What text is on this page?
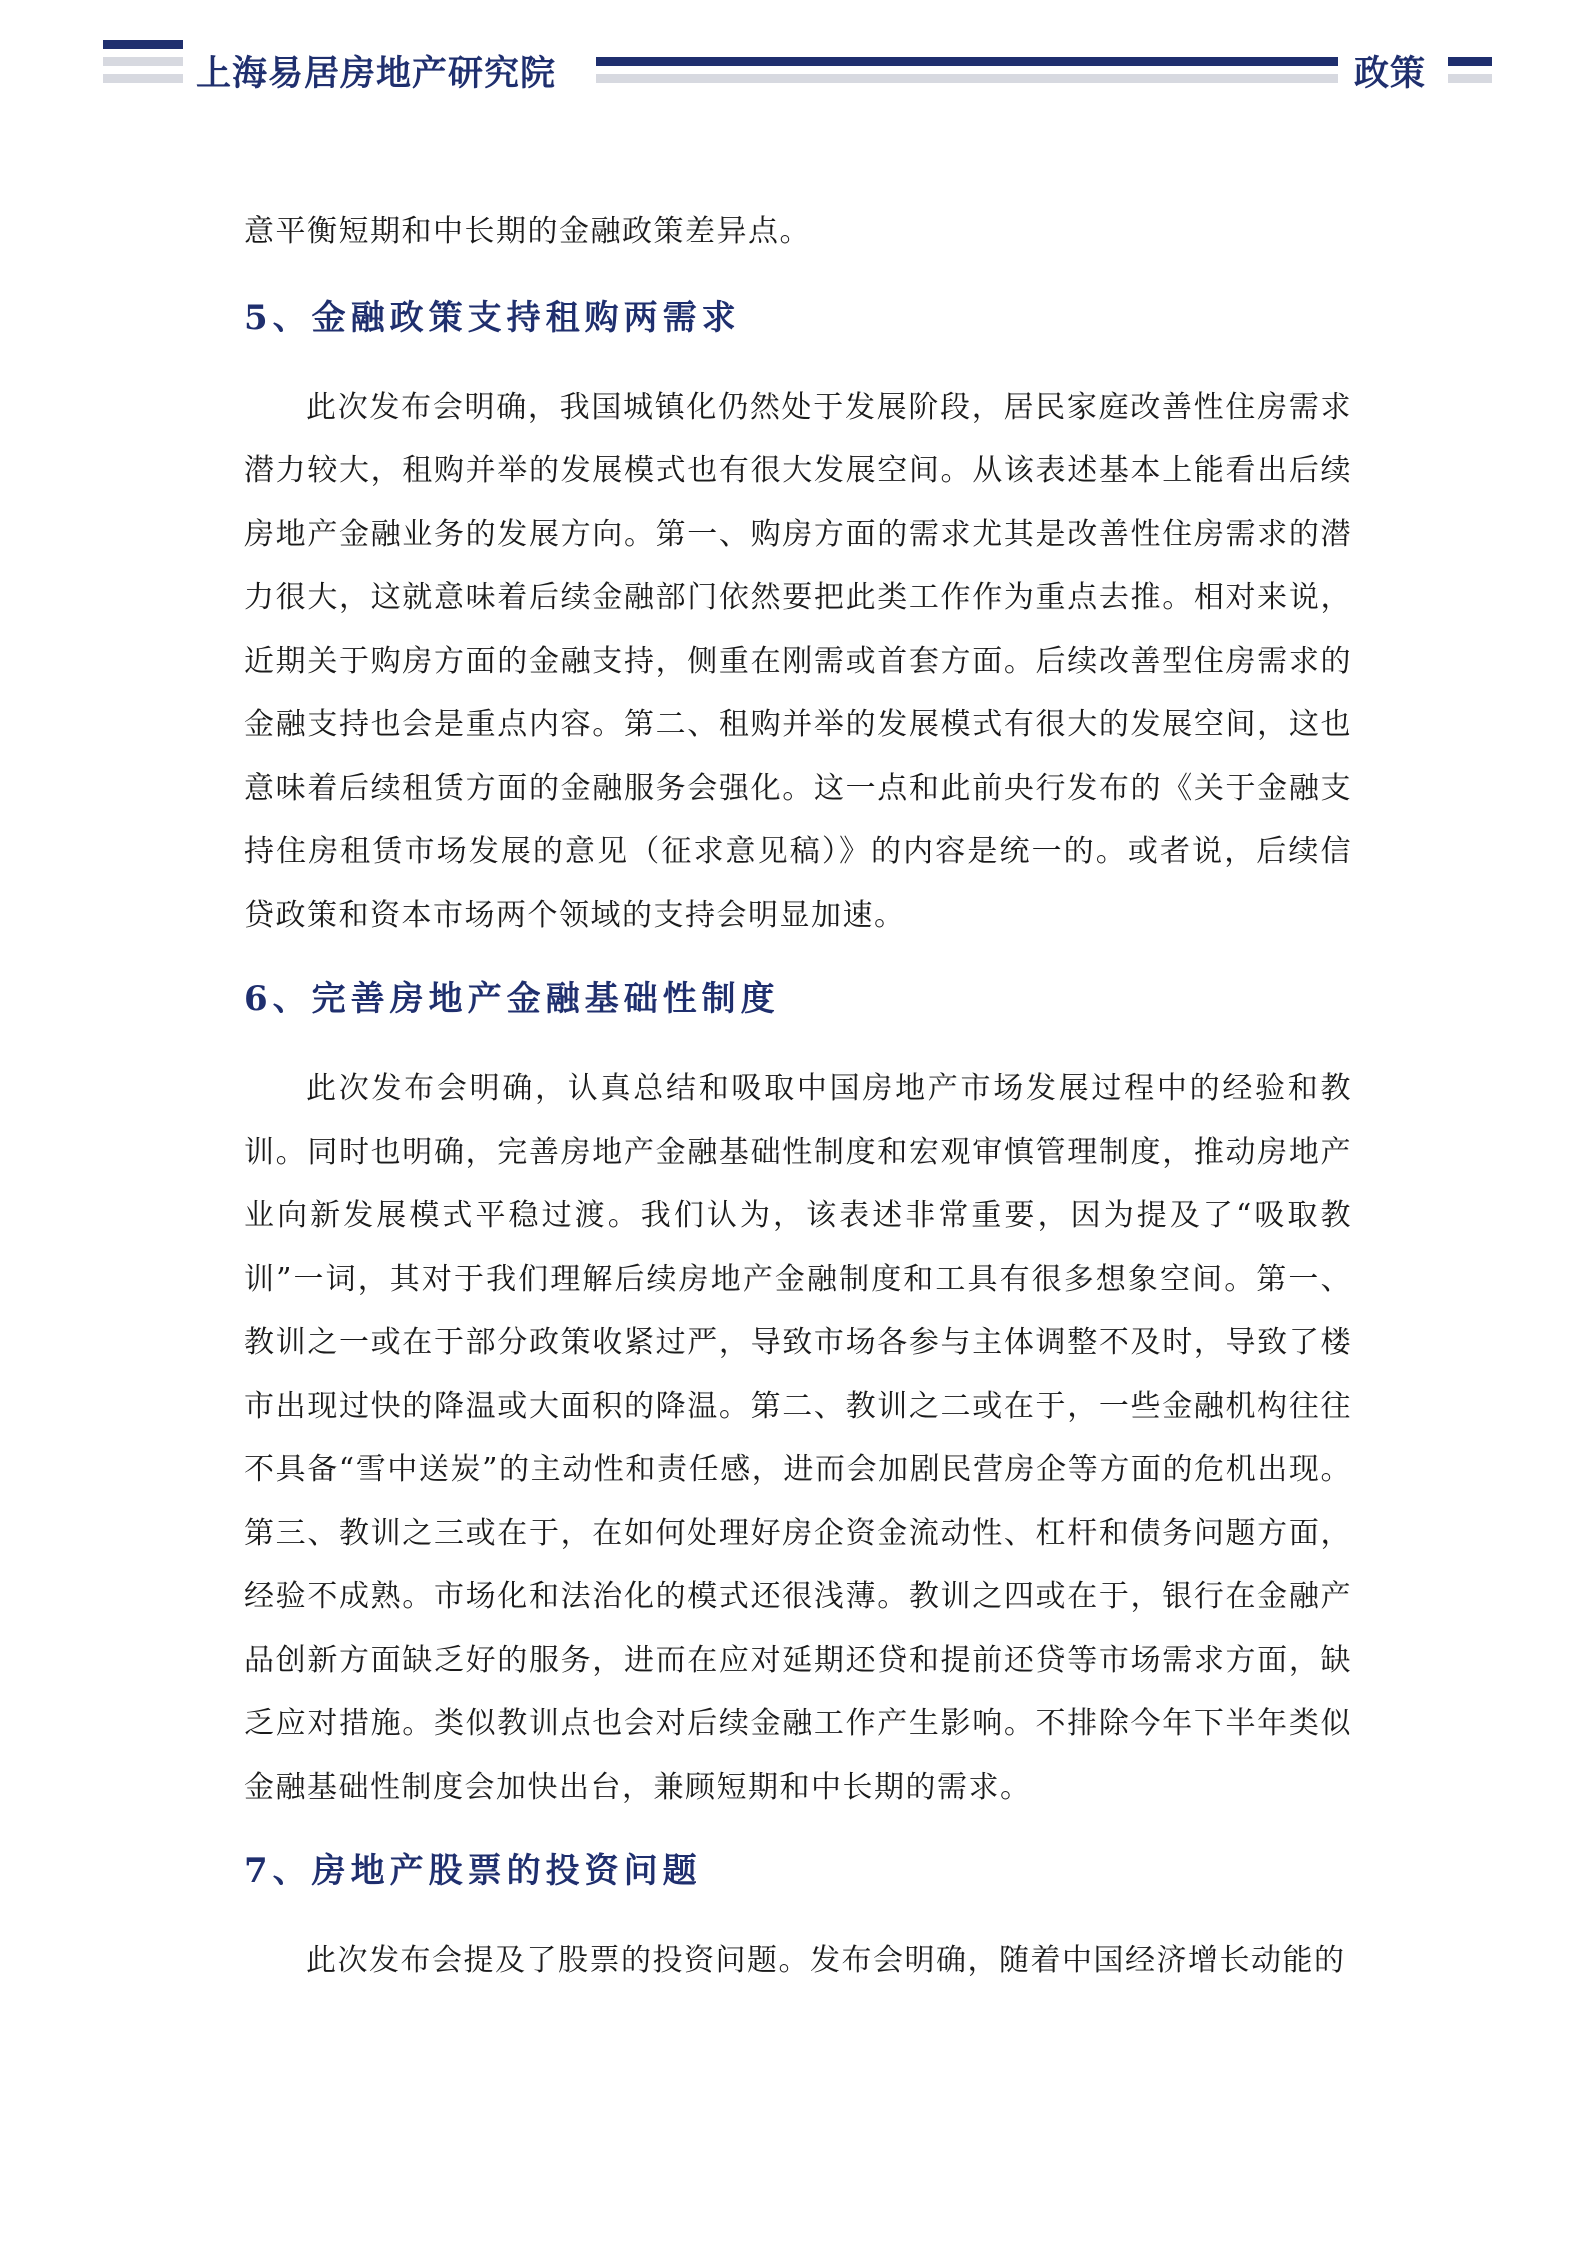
上海易居房地产研究院	政策

意平衡短期和中长期的金融政策差异点。

5、金融政策支持租购两需求

此次发布会明确，我国城镇化仍然处于发展阶段，居民家庭改善性住房需求潜力较大，租购并举的发展模式也有很大发展空间。从该表述基本上能看出后续房地产金融业务的发展方向。第一、购房方面的需求尤其是改善性住房需求的潜力很大，这就意味着后续金融部门依然要把此类工作作为重点去推。相对来说，近期关于购房方面的金融支持，侧重在刚需或首套方面。后续改善型住房需求的金融支持也会是重点内容。第二、租购并举的发展模式有很大的发展空间，这也意味着后续租赁方面的金融服务会强化。这一点和此前央行发布的《关于金融支持住房租赁市场发展的意见（征求意见稿）》的内容是统一的。或者说，后续信贷政策和资本市场两个领域的支持会明显加速。

6、完善房地产金融基础性制度

此次发布会明确，认真总结和吸取中国房地产市场发展过程中的经验和教训。同时也明确，完善房地产金融基础性制度和宏观审慎管理制度，推动房地产业向新发展模式平稳过渡。我们认为，该表述非常重要，因为提及了“吸取教训”一词，其对于我们理解后续房地产金融制度和工具有很多想象空间。第一、教训之一或在于部分政策收紧过严，导致市场各参与主体调整不及时，导致了楼市出现过快的降温或大面积的降温。第二、教训之二或在于，一些金融机构往往不具备“雪中送炭”的主动性和责任感，进而会加剧民营房企等方面的危机出现。第三、教训之三或在于，在如何处理好房企资金流动性、杠杆和债务问题方面，经验不成熟。市场化和法治化的模式还很浅薄。教训之四或在于，银行在金融产品创新方面缺乏好的服务，进而在应对延期还贷和提前还贷等市场需求方面，缺乏应对措施。类似教训点也会对后续金融工作产生影响。不排除今年下半年类似金融基础性制度会加快出台，兼顾短期和中长期的需求。

7、房地产股票的投资问题

此次发布会提及了股票的投资问题。发布会明确，随着中国经济增长动能的
